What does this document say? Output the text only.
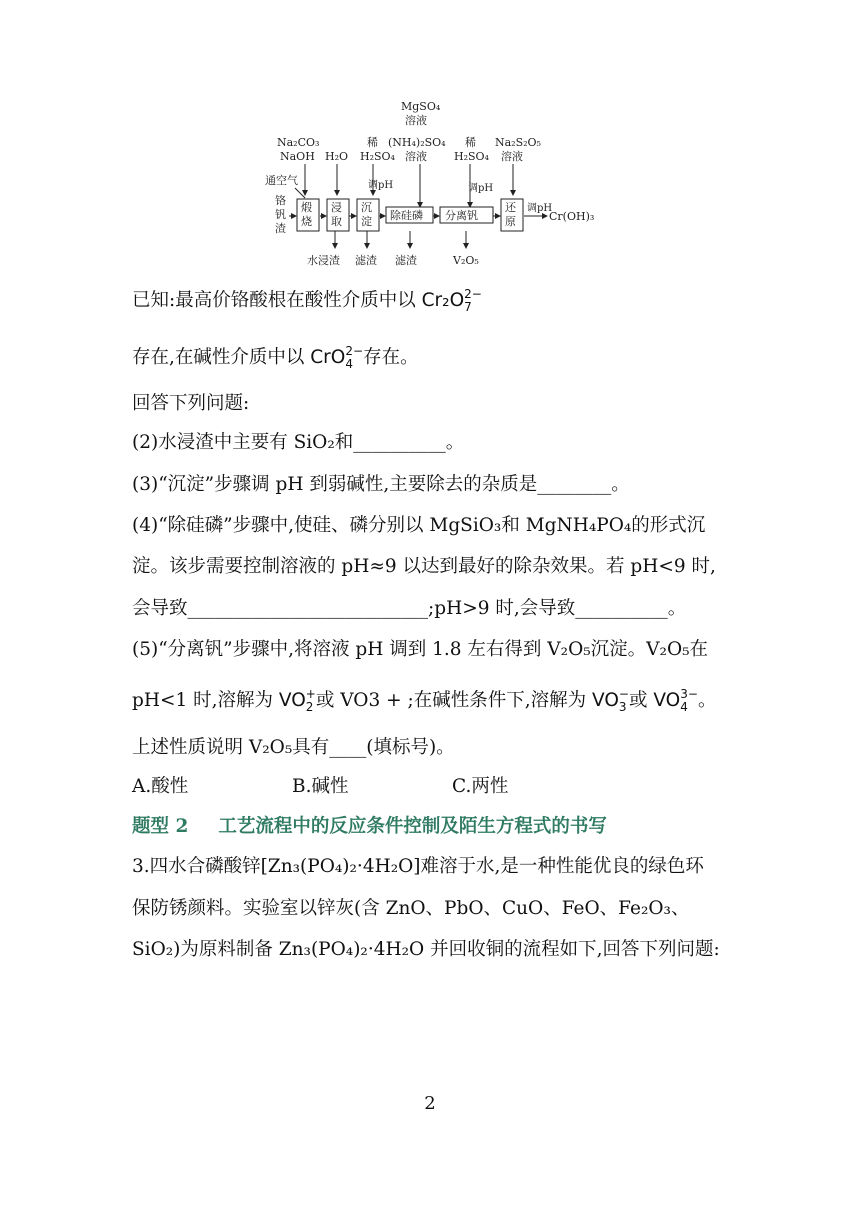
Na₂CO₃
NaOH H₂O
稀
H₂SO₄
MgSO₄
溶液
(NH₄)₂SO₄
溶液
稀
H₂SO₄
Na₂S₂O₅
溶液
通空气
铬
钒
渣
煅
烧
浸
取
沉
淀 除硅磷 分离钒
还
原
调pH	调pH
调pH
Cr(OH)₃
水浸渣 滤渣 滤渣	V₂O₅
已知:最高价铬酸根在酸性介质中以 Cr₂O 2−
7
存在,在碱性介质中以 CrO 2−
4 存在。
回答下列问题:
(2)水浸渣中主要有 SiO₂和__________。
(3)“沉淀”步骤调 pH 到弱碱性,主要除去的杂质是________。
(4)“除硅磷”步骤中,使硅、磷分别以 MgSiO₃和 MgNH₄PO₄的形式沉
淀。该步需要控制溶液的 pH≈9 以达到最好的除杂效果。若 pH<9 时,
会导致__________________________;pH>9 时,会导致__________。
(5)“分离钒”步骤中,将溶液 pH 调到 1.8 左右得到 V₂O₅沉淀。V₂O₅在
pH<1 时,溶解为 VO +
2 或 VO3 + ;在碱性条件下,溶解为 VO −
3 或 VO 3−
4 。
上述性质说明 V₂O₅具有____(填标号)。
A.酸性	B.碱性	C.两性
题型 2 工艺流程中的反应条件控制及陌生方程式的书写
3.四水合磷酸锌[Zn₃(PO₄)₂·4H₂O]难溶于水,是一种性能优良的绿色环
保防锈颜料。实验室以锌灰(含 ZnO、PbO、CuO、FeO、Fe₂O₃、
SiO₂)为原料制备 Zn₃(PO₄)₂·4H₂O 并回收铜的流程如下,回答下列问题:
2
